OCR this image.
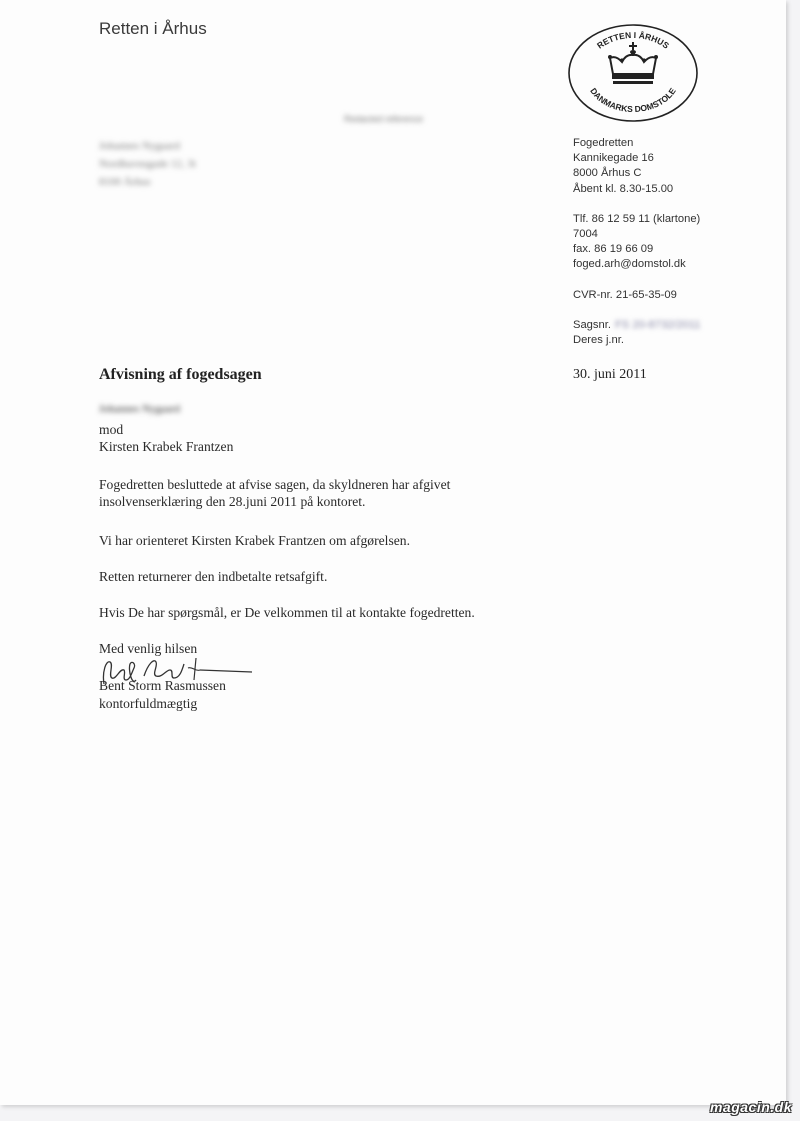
Retten i Århus
RETTEN I ÅRHUS
DANMARKS DOMSTOLE
Redacted reference
Johannes Nygaard
Nordhavnsgade 12, 3t
8100 Århus
Fogedretten
Kannikegade 16
8000 Århus C
Åbent kl. 8.30-15.00
Tlf. 86 12 59 11 (klartone)
7004
fax. 86 19 66 09
foged.arh@domstol.dk
CVR-nr. 21-65-35-09
Sagsnr. FS 20-8732/2011
Deres j.nr.
30. juni 2011
Afvisning af fogedsagen
Johannes Nygaard
mod
Kirsten Krabek Frantzen
Fogedretten besluttede at afvise sagen, da skyldneren har afgivet
insolvenserklæring den 28.juni 2011 på kontoret.
Vi har orienteret Kirsten Krabek Frantzen om afgørelsen.
Retten returnerer den indbetalte retsafgift.
Hvis De har spørgsmål, er De velkommen til at kontakte fogedretten.
Med venlig hilsen
Bent Storm Rasmussen
kontorfuldmægtig
magacin.dk
